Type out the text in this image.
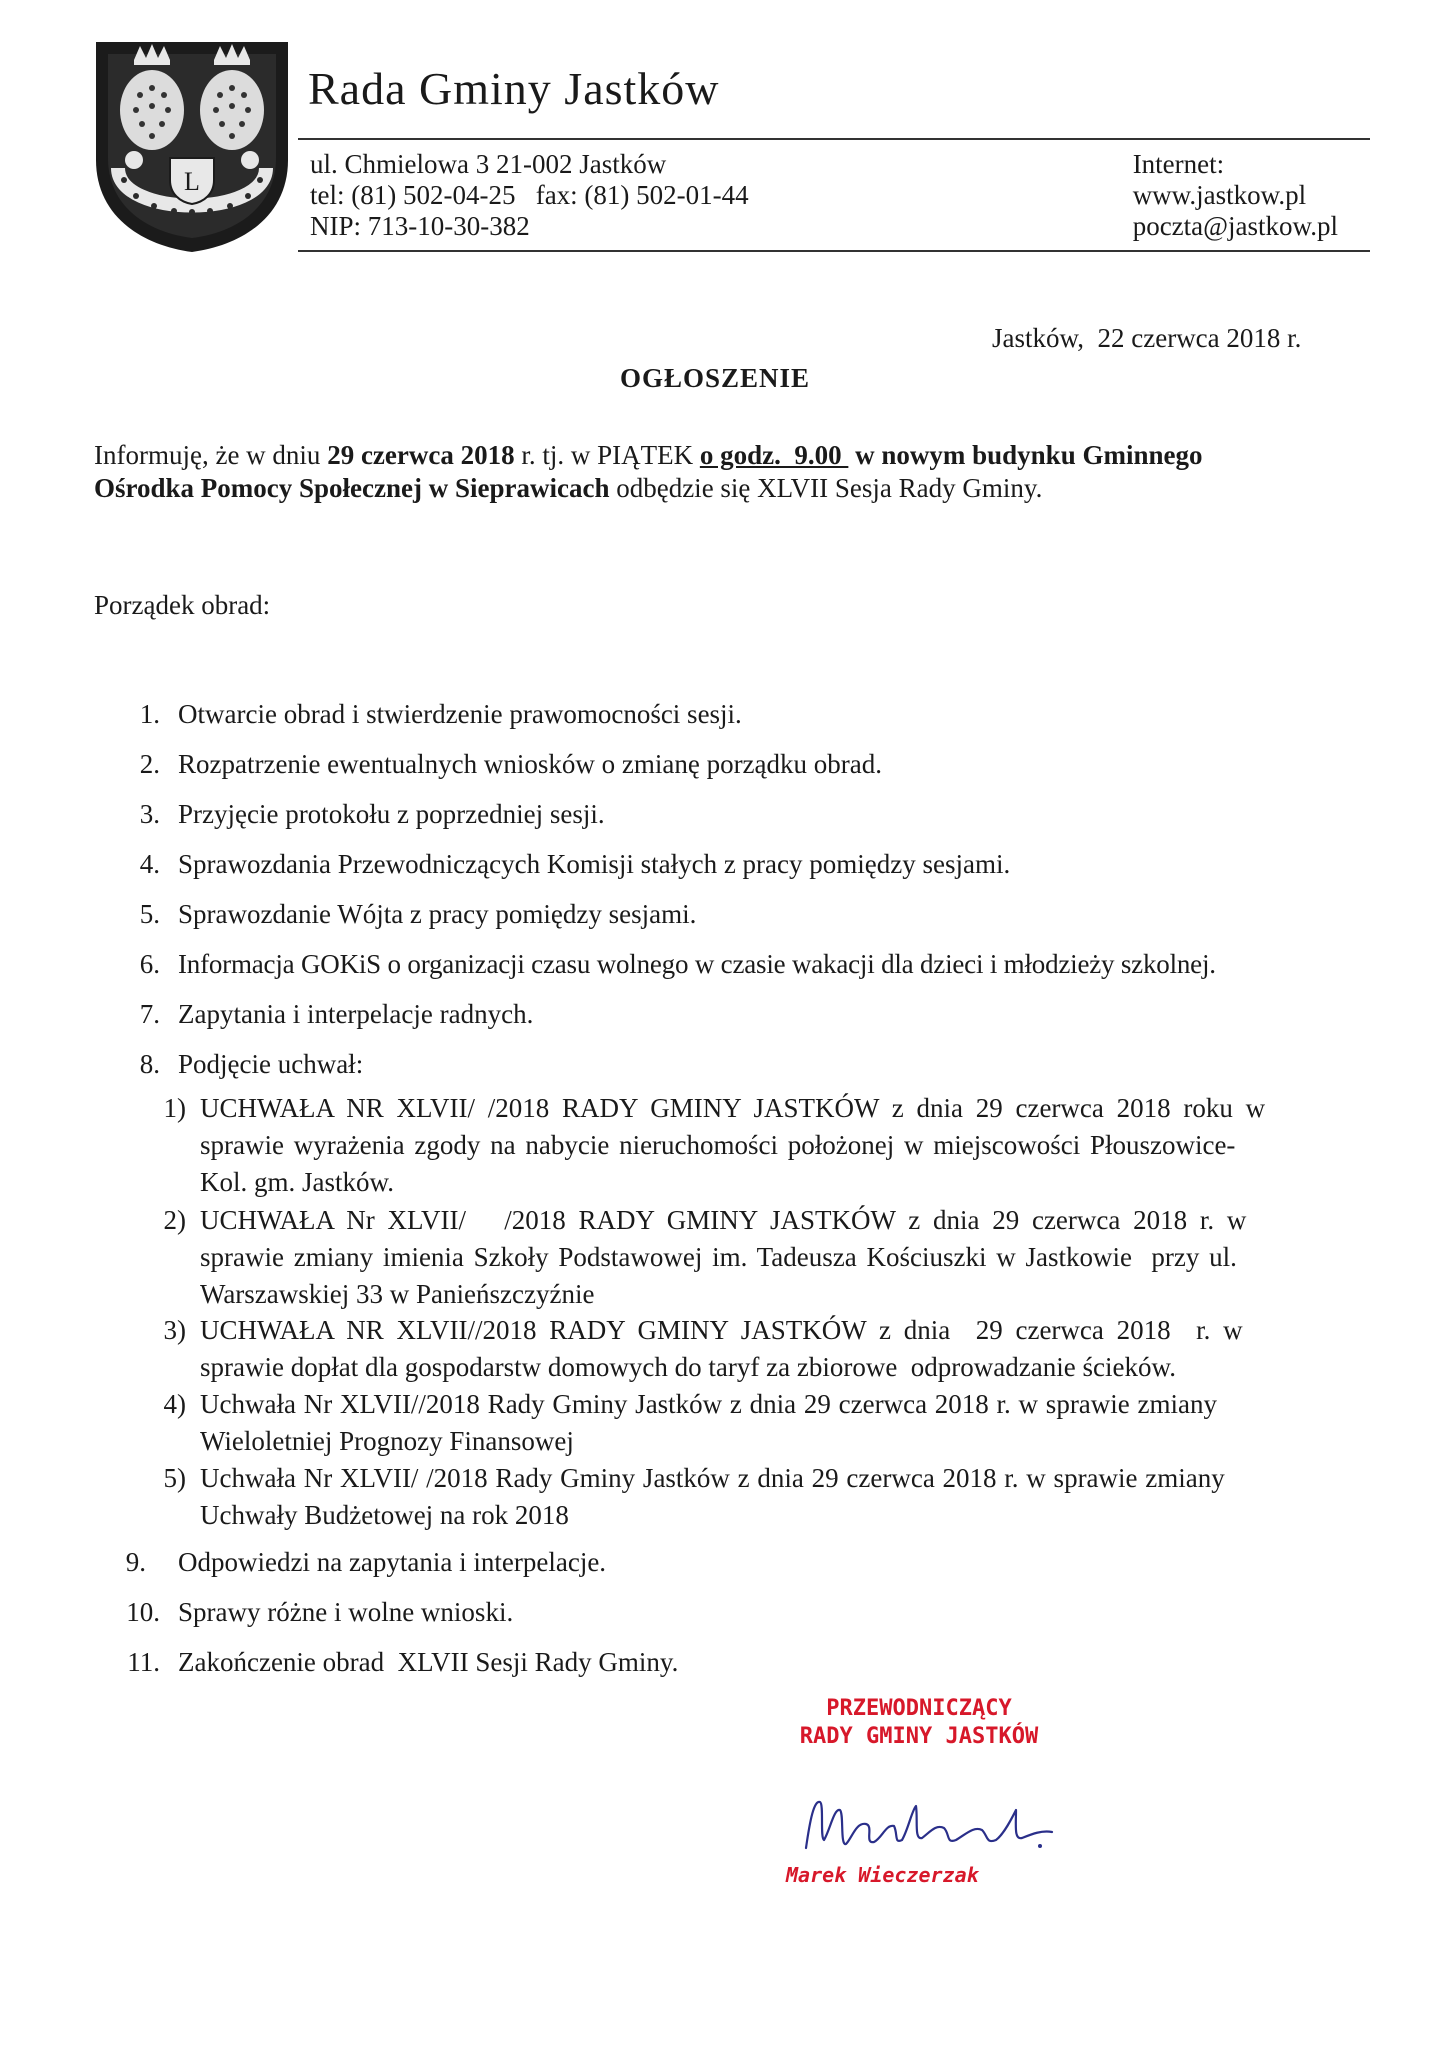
L
Rada Gminy Jastków
ul. Chmielowa 3 21-002 Jastków
tel: (81) 502-04-25   fax: (81) 502-01-44
NIP: 713-10-30-382
Internet:
www.jastkow.pl
poczta@jastkow.pl
Jastków,  22 czerwca 2018 r.
OGŁOSZENIE
Informuję, że w dniu 29 czerwca 2018 r. tj. w PIĄTEK o godz.  9.00  w nowym budynku Gminnego
Ośrodka Pomocy Społecznej w Sieprawicach odbędzie się XLVII Sesja Rady Gminy.
Porządek obrad:
1. Otwarcie obrad i stwierdzenie prawomocności sesji.
2. Rozpatrzenie ewentualnych wniosków o zmianę porządku obrad.
3. Przyjęcie protokołu z poprzedniej sesji.
4. Sprawozdania Przewodniczących Komisji stałych z pracy pomiędzy sesjami.
5. Sprawozdanie Wójta z pracy pomiędzy sesjami.
6. Informacja GOKiS o organizacji czasu wolnego w czasie wakacji dla dzieci i młodzieży szkolnej.
7. Zapytania i interpelacje radnych.
8. Podjęcie uchwał:
1) UCHWAŁA NR XLVII/ /2018 RADY GMINY JASTKÓW z dnia 29 czerwca 2018 roku w
sprawie wyrażenia zgody na nabycie nieruchomości położonej w miejscowości Płouszowice-
Kol. gm. Jastków.
2) UCHWAŁA Nr XLVII/   /2018 RADY GMINY JASTKÓW z dnia 29 czerwca 2018 r. w
sprawie zmiany imienia Szkoły Podstawowej im. Tadeusza Kościuszki w Jastkowie  przy ul.
Warszawskiej 33 w Panieńszczyźnie
3) UCHWAŁA NR XLVII//2018 RADY GMINY JASTKÓW z dnia  29 czerwca 2018  r. w
sprawie dopłat dla gospodarstw domowych do taryf za zbiorowe  odprowadzanie ścieków.
4) Uchwała Nr XLVII//2018 Rady Gminy Jastków z dnia 29 czerwca 2018 r. w sprawie zmiany
Wieloletniej Prognozy Finansowej
5) Uchwała Nr XLVII/ /2018 Rady Gminy Jastków z dnia 29 czerwca 2018 r. w sprawie zmiany
Uchwały Budżetowej na rok 2018
9. Odpowiedzi na zapytania i interpelacje.
10. Sprawy różne i wolne wnioski.
11. Zakończenie obrad  XLVII Sesji Rady Gminy.
PRZEWODNICZĄCY
RADY GMINY JASTKÓW
Marek Wieczerzak
